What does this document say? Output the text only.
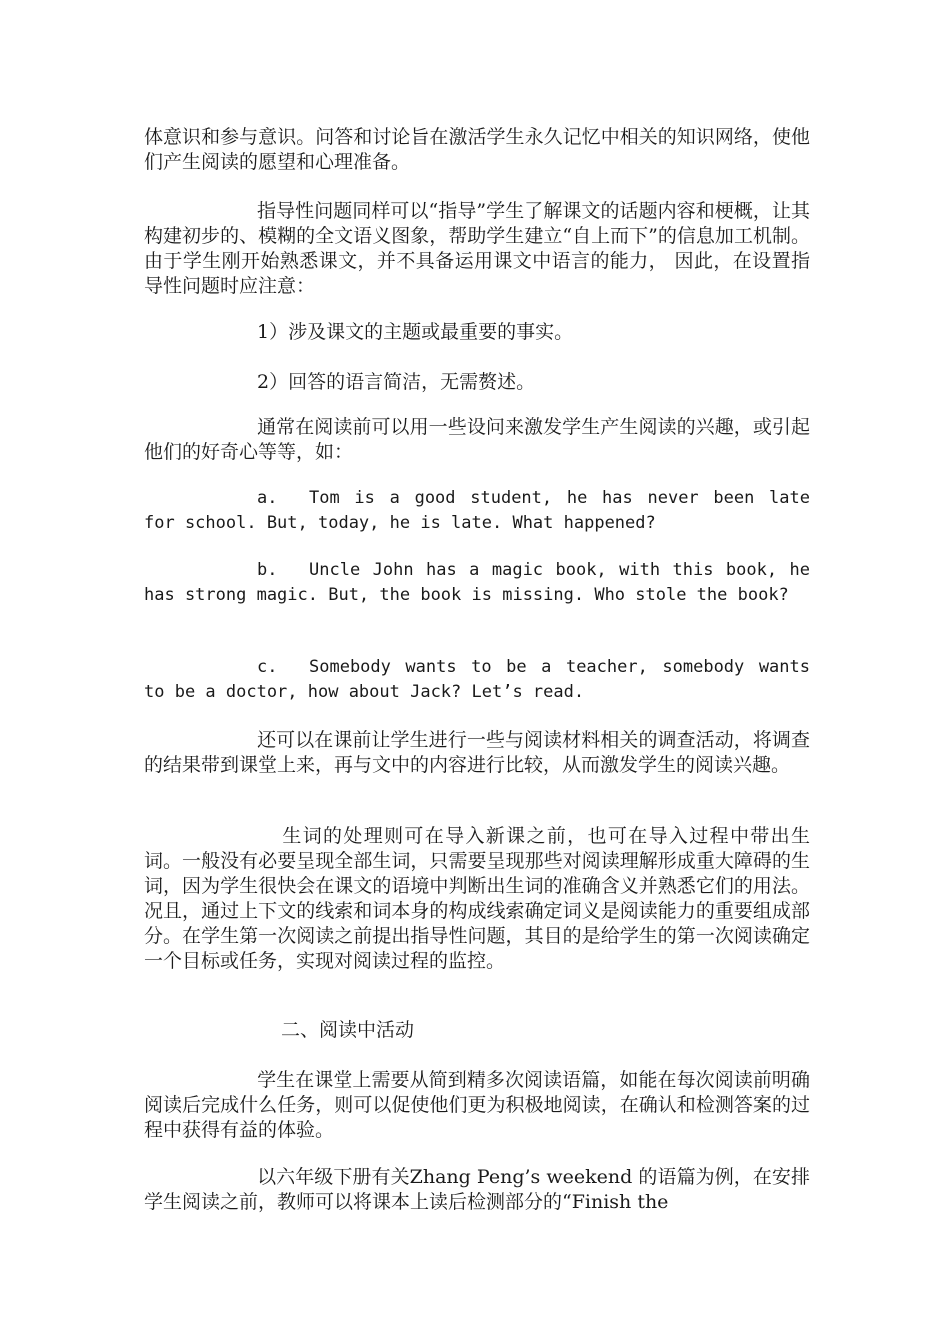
体意识和参与意识。问答和讨论旨在激活学生永久记忆中相关的知识网络，使他们产生阅读的愿望和心理准备。

指导性问题同样可以“指导”学生了解课文的话题内容和梗概，让其构建初步的、模糊的全文语义图象，帮助学生建立“自上而下”的信息加工机制。由于学生刚开始熟悉课文，并不具备运用课文中语言的能力， 因此，在设置指导性问题时应注意：

1）涉及课文的主题或最重要的事实。

2）回答的语言简洁，无需赘述。

通常在阅读前可以用一些设问来激发学生产生阅读的兴趣，或引起他们的好奇心等等，如：

a. Tom is a good student, he has never been late for school. But, today, he is late. What happened?

b. Uncle John has a magic book, with this book, he has strong magic. But, the book is missing. Who stole the book?

c. Somebody wants to be a teacher, somebody wants to be a doctor, how about Jack? Let’s read.

还可以在课前让学生进行一些与阅读材料相关的调查活动，将调查的结果带到课堂上来，再与文中的内容进行比较，从而激发学生的阅读兴趣。

生词的处理则可在导入新课之前，也可在导入过程中带出生词。一般没有必要呈现全部生词，只需要呈现那些对阅读理解形成重大障碍的生词，因为学生很快会在课文的语境中判断出生词的准确含义并熟悉它们的用法。况且，通过上下文的线索和词本身的构成线索确定词义是阅读能力的重要组成部分。在学生第一次阅读之前提出指导性问题，其目的是给学生的第一次阅读确定一个目标或任务，实现对阅读过程的监控。

二、阅读中活动

学生在课堂上需要从简到精多次阅读语篇，如能在每次阅读前明确阅读后完成什么任务，则可以促使他们更为积极地阅读，在确认和检测答案的过程中获得有益的体验。

以六年级下册有关Zhang Peng’s weekend 的语篇为例，在安排学生阅读之前，教师可以将课本上读后检测部分的“Finish the
